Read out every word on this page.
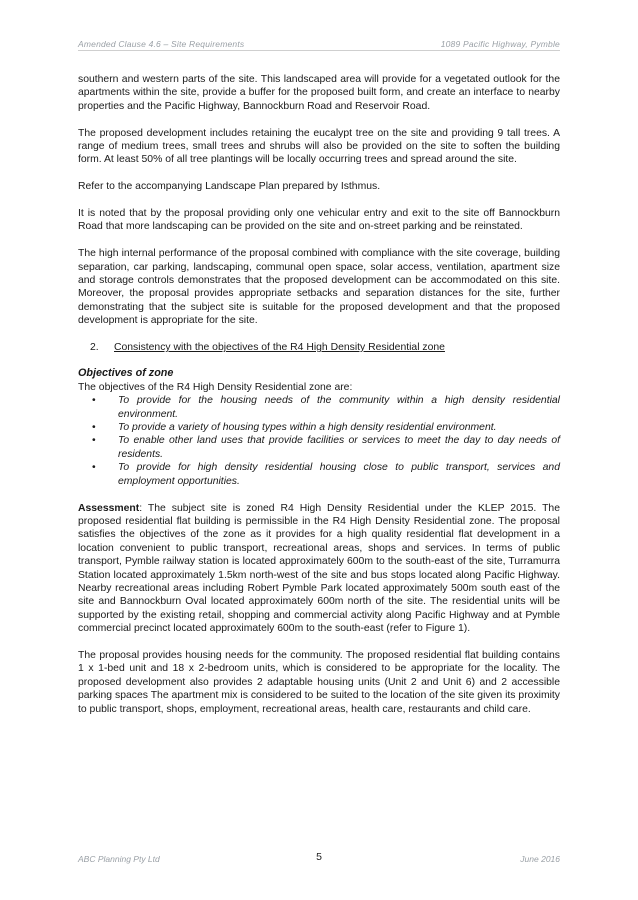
Amended Clause 4.6 – Site Requirements	1089 Pacific Highway, Pymble

southern and western parts of the site. This landscaped area will provide for a vegetated outlook for the apartments within the site, provide a buffer for the proposed built form, and create an interface to nearby properties and the Pacific Highway, Bannockburn Road and Reservoir Road.

The proposed development includes retaining the eucalypt tree on the site and providing 9 tall trees. A range of medium trees, small trees and shrubs will also be provided on the site to soften the building form. At least 50% of all tree plantings will be locally occurring trees and spread around the site.

Refer to the accompanying Landscape Plan prepared by Isthmus.

It is noted that by the proposal providing only one vehicular entry and exit to the site off Bannockburn Road that more landscaping can be provided on the site and on-street parking and be reinstated.

The high internal performance of the proposal combined with compliance with the site coverage, building separation, car parking, landscaping, communal open space, solar access, ventilation, apartment size and storage controls demonstrates that the proposed development can be accommodated on this site. Moreover, the proposal provides appropriate setbacks and separation distances for the site, further demonstrating that the subject site is suitable for the proposed development and that the proposed development is appropriate for the site.

2. Consistency with the objectives of the R4 High Density Residential zone
Objectives of zone

The objectives of the R4 High Density Residential zone are:

• To provide for the housing needs of the community within a high density residential environment.
• To provide a variety of housing types within a high density residential environment.
• To enable other land uses that provide facilities or services to meet the day to day needs of residents.
• To provide for high density residential housing close to public transport, services and employment opportunities.

Assessment: The subject site is zoned R4 High Density Residential under the KLEP 2015. The proposed residential flat building is permissible in the R4 High Density Residential zone. The proposal satisfies the objectives of the zone as it provides for a high quality residential flat development in a location convenient to public transport, recreational areas, shops and services. In terms of public transport, Pymble railway station is located approximately 600m to the south-east of the site, Turramurra Station located approximately 1.5km north-west of the site and bus stops located along Pacific Highway. Nearby recreational areas including Robert Pymble Park located approximately 500m south east of the site and Bannockburn Oval located approximately 600m north of the site. The residential units will be supported by the existing retail, shopping and commercial activity along Pacific Highway and at Pymble commercial precinct located approximately 600m to the south-east (refer to Figure 1).

The proposal provides housing needs for the community. The proposed residential flat building contains 1 x 1-bed unit and 18 x 2-bedroom units, which is considered to be appropriate for the locality. The proposed development also provides 2 adaptable housing units (Unit 2 and Unit 6) and 2 accessible parking spaces The apartment mix is considered to be suited to the location of the site given its proximity to public transport, shops, employment, recreational areas, health care, restaurants and child care.

ABC Planning Pty Ltd	5	June 2016
